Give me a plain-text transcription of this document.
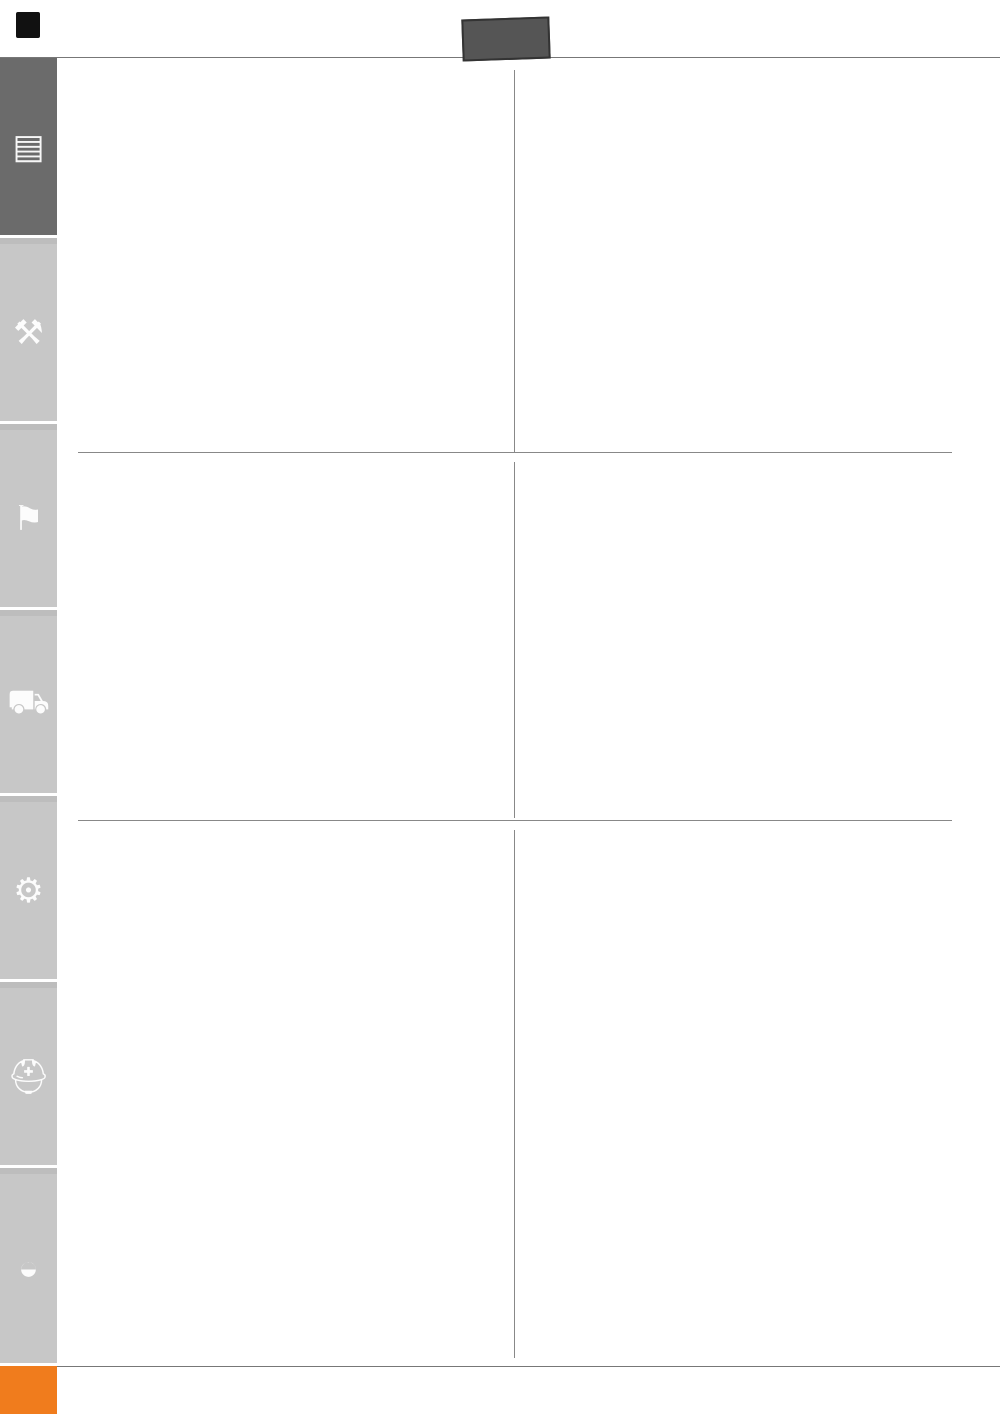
▤
⚒
⚑
⛟
⚙
⛑
◒
